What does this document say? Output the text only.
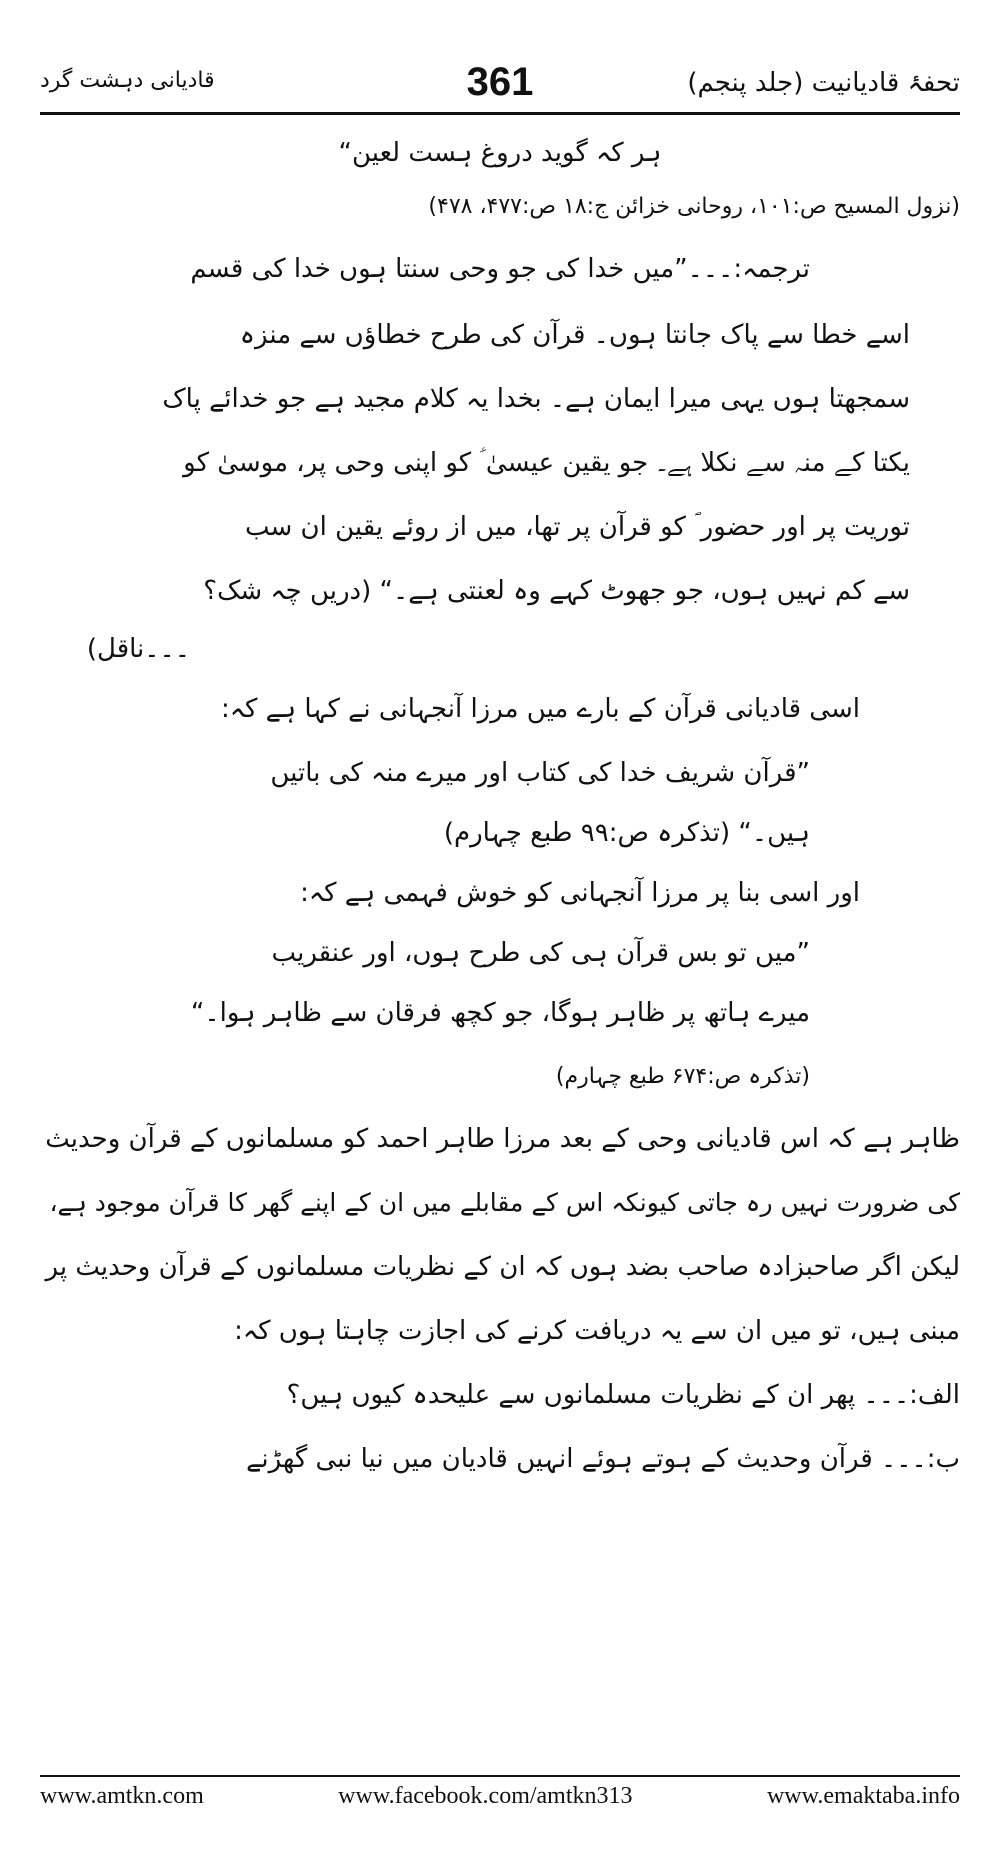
تحفۂ قادیانیت (جلد پنجم)
361
قادیانی دہشت گرد

ہر کہ گوید دروغ ہست لعین“

(نزول المسیح ص:۱۰۱، روحانی خزائن ج:۱۸ ص:۴۷۷، ۴۷۸)

ترجمہ:۔۔۔”میں خدا کی جو وحی سنتا ہوں خدا کی قسم

اسے خطا سے پاک جانتا ہوں۔ قرآن کی طرح خطاؤں سے منزہ

سمجھتا ہوں یہی میرا ایمان ہے۔ بخدا یہ کلام مجید ہے جو خدائے پاک

یکتا کے منہ سے نکلا ہے۔ جو یقین عیسیٰ ؑ کو اپنی وحی پر، موسیٰ کو

توریت پر اور حضور ؐ کو قرآن پر تھا، میں از روئے یقین ان سب

سے کم نہیں ہوں، جو جھوٹ کہے وہ لعنتی ہے۔“ (دریں چہ شک؟

۔۔۔ناقل)

اسی قادیانی قرآن کے بارے میں مرزا آنجہانی نے کہا ہے کہ:

”قرآن شریف خدا کی کتاب اور میرے منہ کی باتیں

ہیں۔“ (تذکرہ ص:۹۹ طبع چہارم)

اور اسی بنا پر مرزا آنجہانی کو خوش فہمی ہے کہ:

”میں تو بس قرآن ہی کی طرح ہوں، اور عنقریب

میرے ہاتھ پر ظاہر ہوگا، جو کچھ فرقان سے ظاہر ہوا۔“

(تذکرہ ص:۶۷۴ طبع چہارم)

ظاہر ہے کہ اس قادیانی وحی کے بعد مرزا طاہر احمد کو مسلمانوں کے قرآن وحدیث

کی ضرورت نہیں رہ جاتی کیونکہ اس کے مقابلے میں ان کے اپنے گھر کا قرآن موجود ہے،

لیکن اگر صاحبزادہ صاحب بضد ہوں کہ ان کے نظریات مسلمانوں کے قرآن وحدیث پر

مبنی ہیں، تو میں ان سے یہ دریافت کرنے کی اجازت چاہتا ہوں کہ:

الف:۔۔۔ پھر ان کے نظریات مسلمانوں سے علیحدہ کیوں ہیں؟

ب:۔۔۔ قرآن وحدیث کے ہوتے ہوئے انہیں قادیان میں نیا نبی گھڑنے

www.amtkn.com	www.facebook.com/amtkn313	www.emaktaba.info
